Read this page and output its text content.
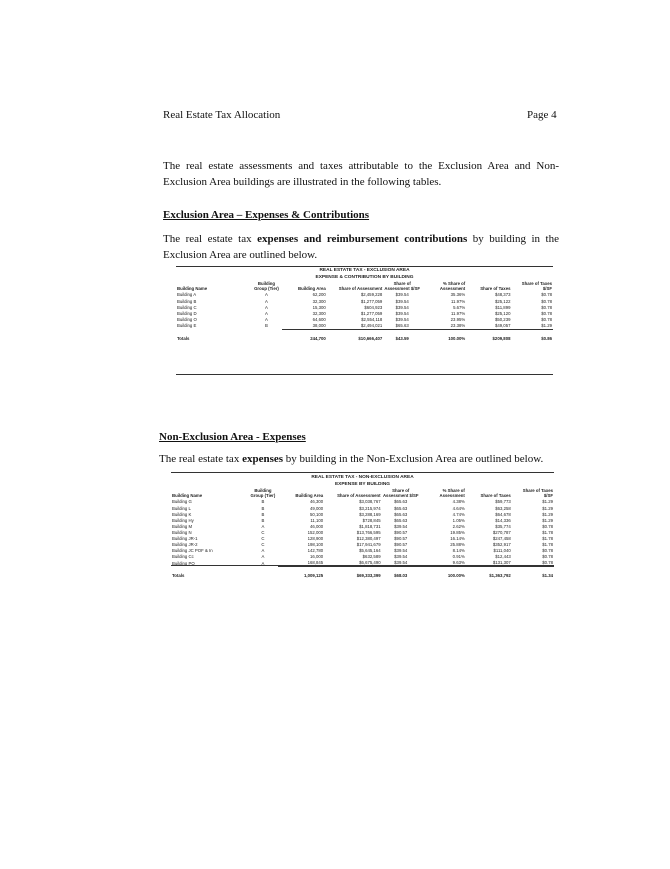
Real Estate Tax Allocation	Page 4
The real estate assessments and taxes attributable to the Exclusion Area and Non-Exclusion Area buildings are illustrated in the following tables.
Exclusion Area – Expenses & Contributions
The real estate tax expenses and reimbursement contributions by building in the Exclusion Area are outlined below.
REAL ESTATE TAX - EXCLUSION AREA
EXPENSE & CONTRIBUTION BY BUILDING
Building Name	Building Group (Tier)	Building Area	Share of Assessment	Share of Assessment $/SF	% Share of Assessment	Share of Taxes	Share of Taxes $/SF
Building A	A	62,200	$2,459,228	$39.54	35.36%	$48,373	$0.78
Building B	A	32,300	$1,277,059	$39.54	11.97%	$25,122	$0.78
Building C	A	15,300	$604,923	$39.54	5.67%	$11,899	$0.78
Building D	A	32,300	$1,277,059	$39.54	11.97%	$25,120	$0.78
Building O	A	64,600	$2,554,118	$39.54	23.95%	$50,239	$0.78
Building E	B	38,000	$2,494,021	$65.63	23.38%	$49,057	$1.29
Totals		244,700	$10,666,407	$43.59	100.00%	$209,808	$0.86
Non-Exclusion Area - Expenses
The real estate tax expenses by building in the Non-Exclusion Area are outlined below.
REAL ESTATE TAX - NON-EXCLUSION AREA
EXPENSE BY BUILDING
Building Name	Building Group (Tier)	Building Area	Share of Assessment	Share of Assessment $/SF	% Share of Assessment	Share of Taxes	Share of Taxes $/SF
Building G	B	46,300	$3,038,767	$65.63	4.38%	$59,773	$1.29
Building L	B	49,000	$3,215,974	$65.63	4.64%	$63,258	$1.29
Building K	B	50,100	$3,288,169	$65.63	4.74%	$64,678	$1.29
Building Hy	B	11,100	$728,845	$65.63	1.05%	$14,336	$1.29
Building M	A	46,000	$1,818,731	$39.54	2.62%	$35,774	$0.78
Building N	C	152,000	$13,766,595	$90.57	19.85%	$270,787	$1.78
Building JR-1	C	128,900	$12,380,497	$90.57	16.14%	$247,458	$1.78
Building JR-2	C	198,100	$17,941,679	$90.57	25.88%	$352,917	$1.78
Building JC POF & In	A	142,780	$5,645,164	$39.54	8.14%	$111,040	$0.78
Building Cc	A	16,000	$632,589	$39.54	0.91%	$12,443	$0.78
Building PO	A	168,845	$6,675,490	$39.54	9.63%	$131,307	$0.78
Totals		1,009,125	$69,333,399	$68.03	100.00%	$1,363,792	$1.34
